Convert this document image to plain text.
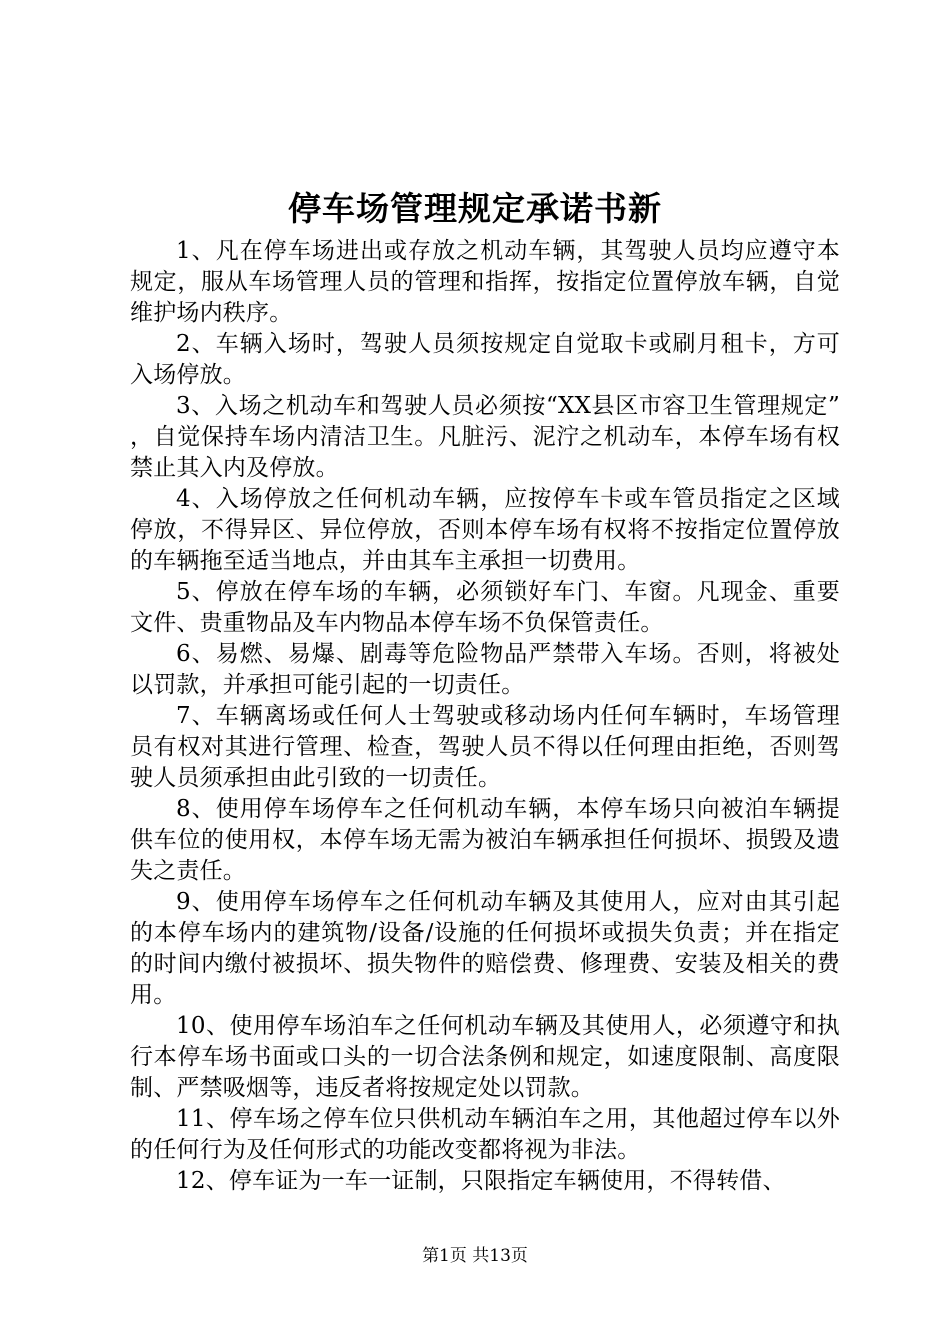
停车场管理规定承诺书新

1、凡在停车场进出或存放之机动车辆，其驾驶人员均应遵守本规定，服从车场管理人员的管理和指挥，按指定位置停放车辆，自觉维护场内秩序。

2、车辆入场时，驾驶人员须按规定自觉取卡或刷月租卡，方可入场停放。

3、入场之机动车和驾驶人员必须按“XX县区市容卫生管理规定”，自觉保持车场内清洁卫生。凡脏污、泥泞之机动车，本停车场有权禁止其入内及停放。

4、入场停放之任何机动车辆，应按停车卡或车管员指定之区域停放，不得异区、异位停放，否则本停车场有权将不按指定位置停放的车辆拖至适当地点，并由其车主承担一切费用。

5、停放在停车场的车辆，必须锁好车门、车窗。凡现金、重要文件、贵重物品及车内物品本停车场不负保管责任。

6、易燃、易爆、剧毒等危险物品严禁带入车场。否则，将被处以罚款，并承担可能引起的一切责任。

7、车辆离场或任何人士驾驶或移动场内任何车辆时，车场管理员有权对其进行管理、检查，驾驶人员不得以任何理由拒绝，否则驾驶人员须承担由此引致的一切责任。

8、使用停车场停车之任何机动车辆，本停车场只向被泊车辆提供车位的使用权，本停车场无需为被泊车辆承担任何损坏、损毁及遗失之责任。

9、使用停车场停车之任何机动车辆及其使用人，应对由其引起的本停车场内的建筑物/设备/设施的任何损坏或损失负责；并在指定的时间内缴付被损坏、损失物件的赔偿费、修理费、安装及相关的费用。

10、使用停车场泊车之任何机动车辆及其使用人，必须遵守和执行本停车场书面或口头的一切合法条例和规定，如速度限制、高度限制、严禁吸烟等，违反者将按规定处以罚款。

11、停车场之停车位只供机动车辆泊车之用，其他超过停车以外的任何行为及任何形式的功能改变都将视为非法。

12、停车证为一车一证制，只限指定车辆使用，不得转借、

第1页 共13页
